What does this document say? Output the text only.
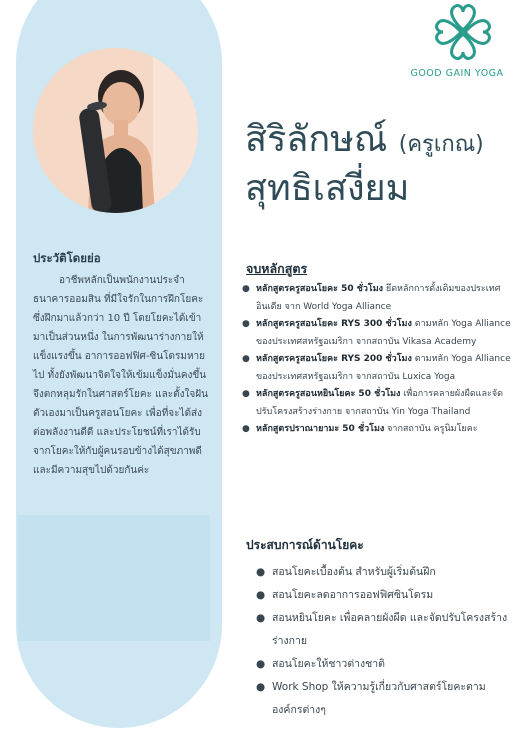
ประวัติโดยย่อ

อาชีพหลักเป็นพนักงานประจำธนาคารออมสิน ที่มีใจรักในการฝึกโยคะ ซึ่งฝึกมาแล้วกว่า 10 ปี โดยโยคะได้เข้ามาเป็นส่วนหนึ่ง ในการพัฒนาร่างกายให้แข็งแรงขึ้น อาการออฟฟิศ-ซินโดรมหายไป ทั้งยังพัฒนาจิตใจให้เข้มแข็งมั่นคงขึ้น จึงตกหลุมรักในศาสตร์โยคะ และตั้งใจฝันตัวเองมาเป็นครูสอนโยคะ เพื่อที่จะได้ส่งต่อพลังงานดีดี และประโยชน์ที่เราได้รับจากโยคะให้กับผู้คนรอบข้างได้สุขภาพดี และมีความสุขไปด้วยกันค่ะ

GOOD GAIN YOGA
สิริลักษณ์ (ครูเกณ)
สุทธิเสงี่ยม
จบหลักสูตร
● หลักสูตรครูสอนโยคะ 50 ชั่วโมง ยึดหลักการดั้งเดิมของประเทศอินเดีย จาก World Yoga Alliance
● หลักสูตรครูสอนโยคะ RYS 300 ชั่วโมง ตามหลัก Yoga Alliance ของประเทศสหรัฐอเมริกา จากสถาบัน Vikasa Academy
● หลักสูตรครูสอนโยคะ RYS 200 ชั่วโมง ตามหลัก Yoga Alliance ของประเทศสหรัฐอเมริกา จากสถาบัน Luxica Yoga
● หลักสูตรครูสอนหยินโยคะ 50 ชั่วโมง เพื่อการคลายผังผืดและจัดปรับโครงสร้างร่างกาย จากสถาบัน Yin Yoga Thailand
● หลักสูตรปราณายามะ 50 ชั่วโมง จากสถาบัน ครูนิมโยคะ
ประสบการณ์ด้านโยคะ
● สอนโยคะเบื้องต้น สำหรับผู้เริ่มต้นฝึก
● สอนโยคะลดอาการออฟฟิศซินโดรม
● สอนหยินโยคะ เพื่อคลายผังผืด และจัดปรับโครงสร้างร่างกาย
● สอนโยคะให้ชาวต่างชาติ
● Work Shop ให้ความรู้เกี่ยวกับศาสตร์โยคะตามองค์กรต่างๆ
